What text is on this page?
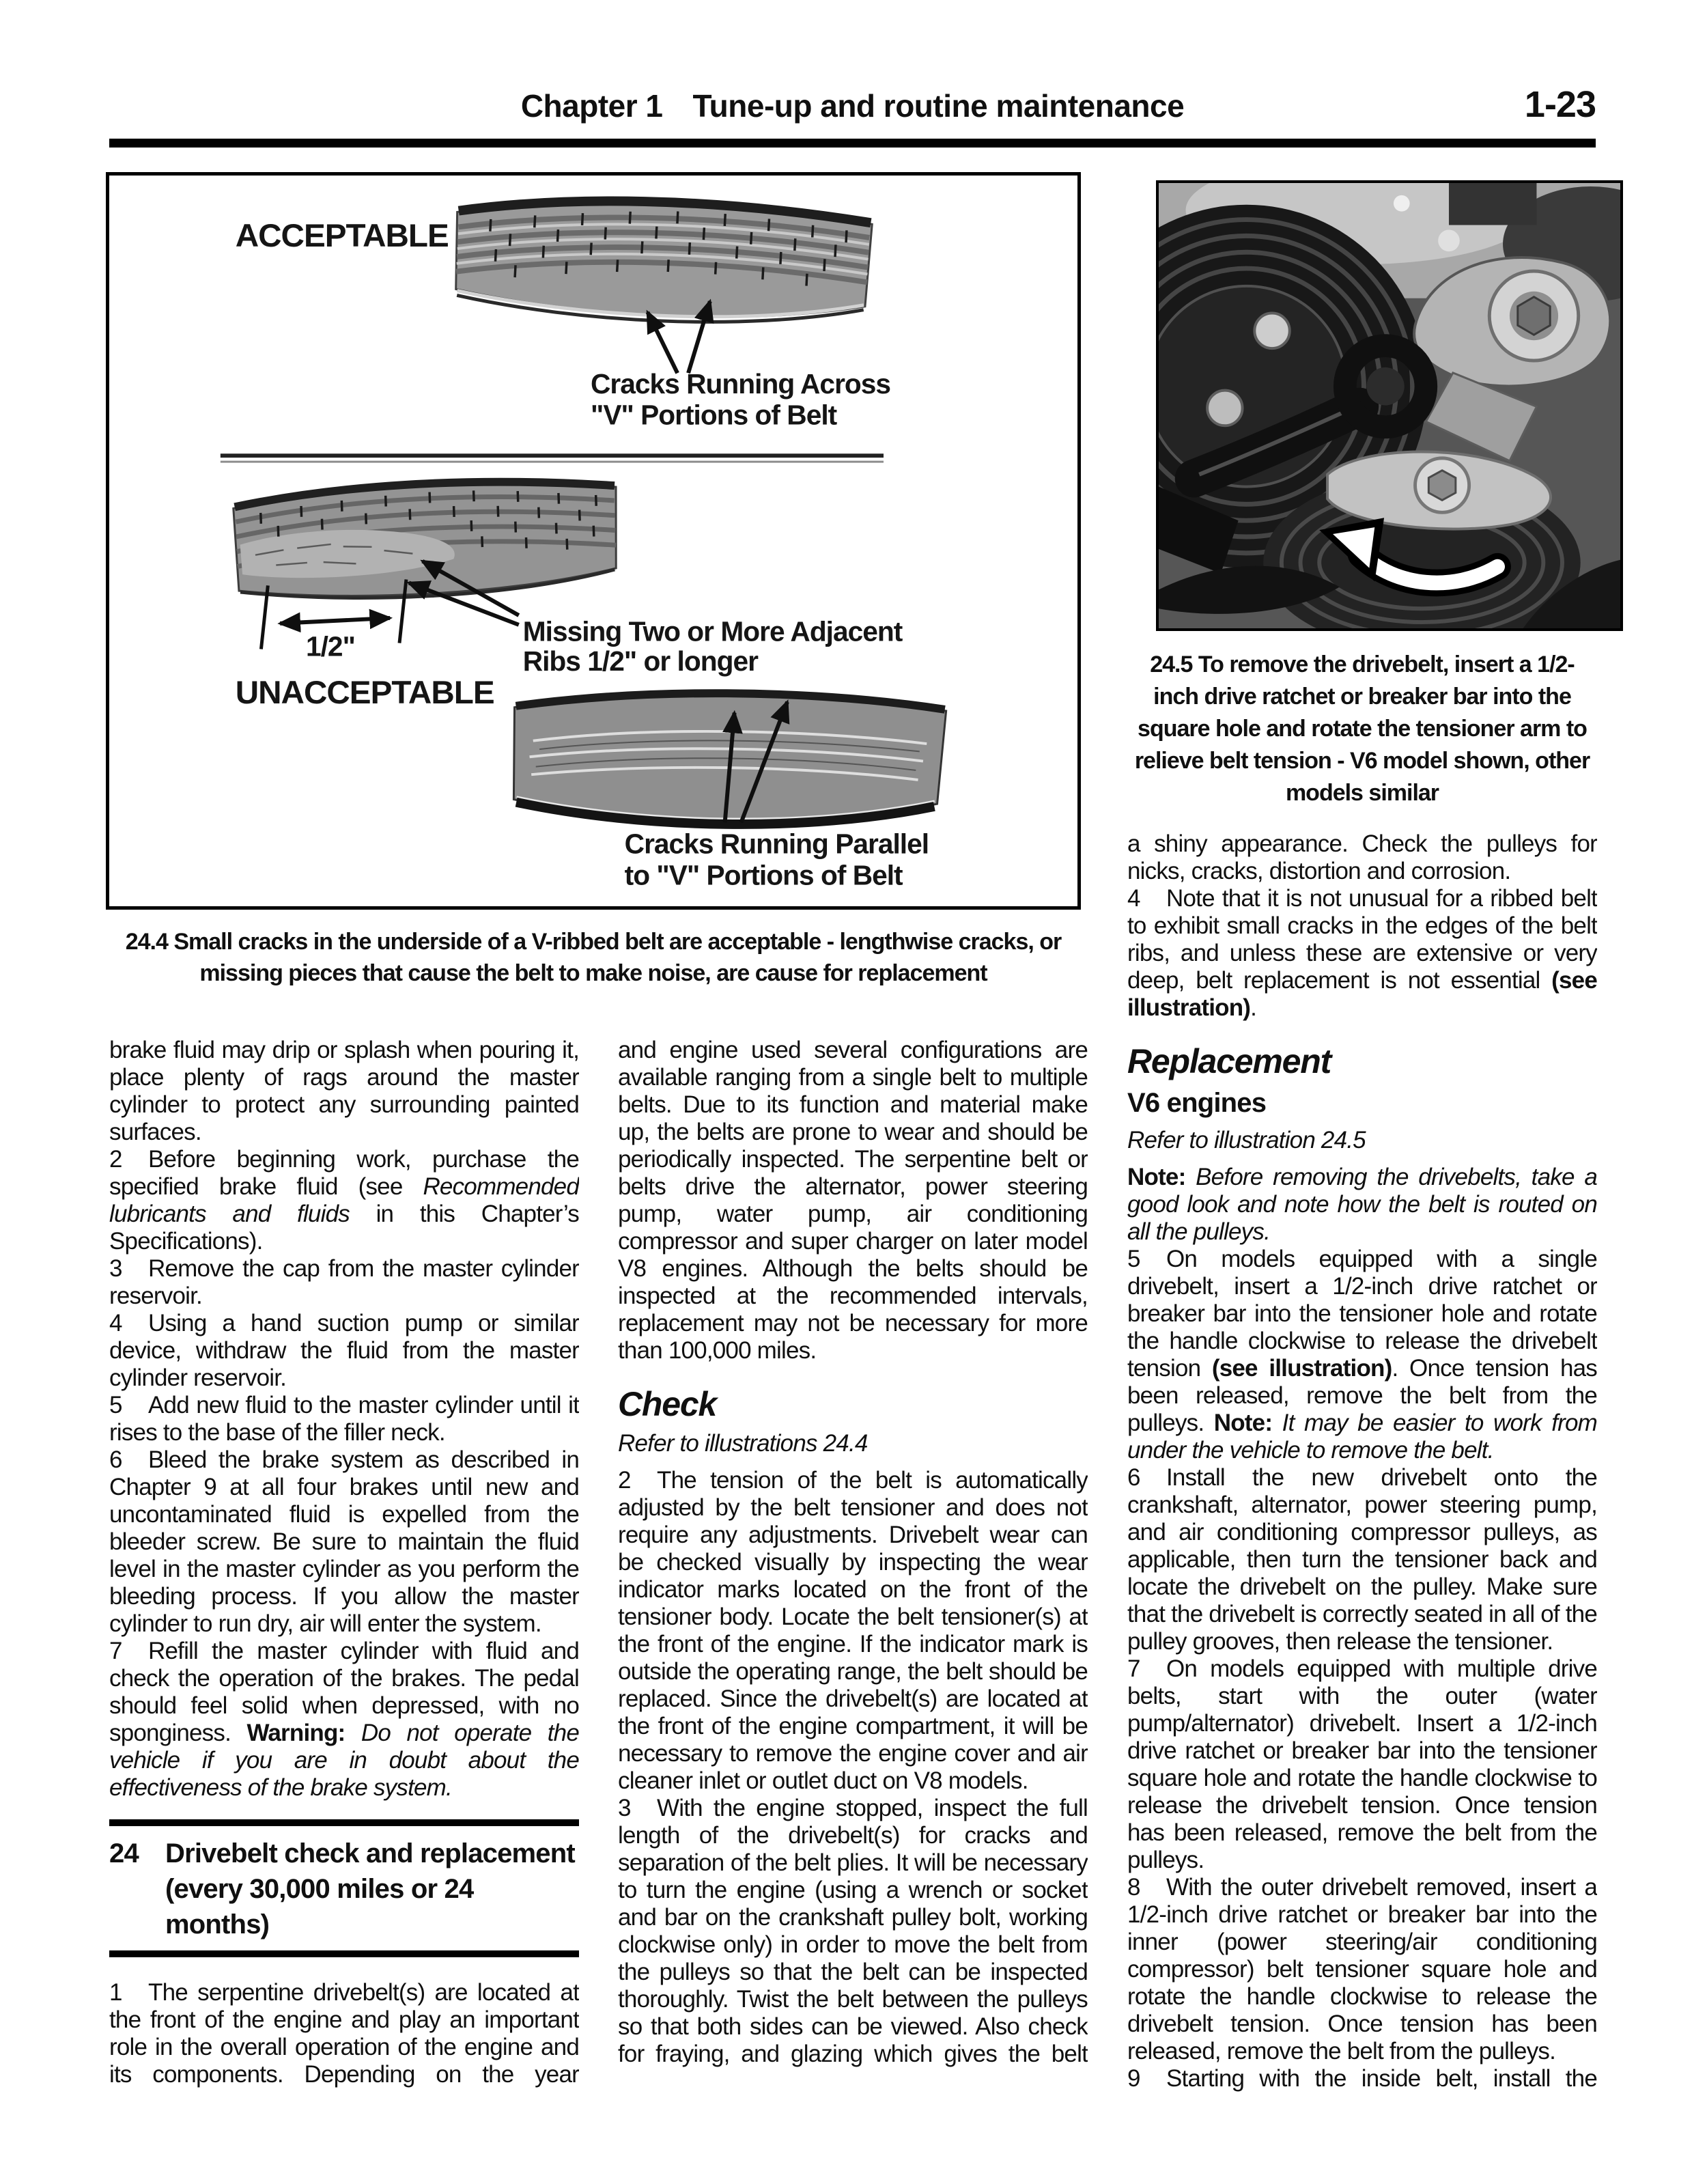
Chapter 1 Tune-up and routine maintenance	1-23
ACCEPTABLE
Cracks Running Across
"V" Portions of Belt
1/2"	Missing Two or More Adjacent
Ribs 1/2" or longer
UNACCEPTABLE
Cracks Running Parallel
to "V" Portions of Belt
24.4 Small cracks in the underside of a V-ribbed belt are acceptable - lengthwise cracks, or missing pieces that cause the belt to make noise, are cause for replacement
24.5 To remove the drivebelt, insert a 1/2-inch drive ratchet or breaker bar into the square hole and rotate the tensioner arm to relieve belt tension - V6 model shown, other models similar

brake fluid may drip or splash when pouring it, place plenty of rags around the master cylinder to protect any surrounding painted surfaces.

2 Before beginning work, purchase the specified brake fluid (see Recommended lubricants and fluids in this Chapter’s Specifications).

3 Remove the cap from the master cylinder reservoir.

4 Using a hand suction pump or similar device, withdraw the fluid from the master cylinder reservoir.

5 Add new fluid to the master cylinder until it rises to the base of the filler neck.

6 Bleed the brake system as described in Chapter 9 at all four brakes until new and uncontaminated fluid is expelled from the bleeder screw. Be sure to maintain the fluid level in the master cylinder as you perform the bleeding process. If you allow the master cylinder to run dry, air will enter the system.

7 Refill the master cylinder with fluid and check the operation of the brakes. The pedal should feel solid when depressed, with no sponginess. Warning: Do not operate the vehicle if you are in doubt about the effectiveness of the brake system.

24 Drivebelt check and replacement
(every 30,000 miles or 24 months)

1 The serpentine drivebelt(s) are located at the front of the engine and play an important role in the overall operation of the engine and its components. Depending on the year

and engine used several configurations are available ranging from a single belt to multiple belts. Due to its function and material make up, the belts are prone to wear and should be periodically inspected. The serpentine belt or belts drive the alternator, power steering pump, water pump, air conditioning compressor and super charger on later model V8 engines. Although the belts should be inspected at the recommended intervals, replacement may not be necessary for more than 100,000 miles.

Check
Refer to illustrations 24.4

2 The tension of the belt is automatically adjusted by the belt tensioner and does not require any adjustments. Drivebelt wear can be checked visually by inspecting the wear indicator marks located on the front of the tensioner body. Locate the belt tensioner(s) at the front of the engine. If the indicator mark is outside the operating range, the belt should be replaced. Since the drivebelt(s) are located at the front of the engine compartment, it will be necessary to remove the engine cover and air cleaner inlet or outlet duct on V8 models.

3 With the engine stopped, inspect the full length of the drivebelt(s) for cracks and separation of the belt plies. It will be necessary to turn the engine (using a wrench or socket and bar on the crankshaft pulley bolt, working clockwise only) in order to move the belt from the pulleys so that the belt can be inspected thoroughly. Twist the belt between the pulleys so that both sides can be viewed. Also check for fraying, and glazing which gives the belt

a shiny appearance. Check the pulleys for nicks, cracks, distortion and corrosion.

4 Note that it is not unusual for a ribbed belt to exhibit small cracks in the edges of the belt ribs, and unless these are extensive or very deep, belt replacement is not essential (see illustration).

Replacement
V6 engines
Refer to illustration 24.5

Note: Before removing the drivebelts, take a good look and note how the belt is routed on all the pulleys.

5 On models equipped with a single drivebelt, insert a 1/2-inch drive ratchet or breaker bar into the tensioner hole and rotate the handle clockwise to release the drivebelt tension (see illustration). Once tension has been released, remove the belt from the pulleys. Note: It may be easier to work from under the vehicle to remove the belt.

6 Install the new drivebelt onto the crankshaft, alternator, power steering pump, and air conditioning compressor pulleys, as applicable, then turn the tensioner back and locate the drivebelt on the pulley. Make sure that the drivebelt is correctly seated in all of the pulley grooves, then release the tensioner.

7 On models equipped with multiple drive belts, start with the outer (water pump/alternator) drivebelt. Insert a 1/2-inch drive ratchet or breaker bar into the tensioner square hole and rotate the handle clockwise to release the drivebelt tension. Once tension has been released, remove the belt from the pulleys.

8 With the outer drivebelt removed, insert a 1/2-inch drive ratchet or breaker bar into the inner (power steering/air conditioning compressor) belt tensioner square hole and rotate the handle clockwise to release the drivebelt tension. Once tension has been released, remove the belt from the pulleys.

9 Starting with the inside belt, install the
